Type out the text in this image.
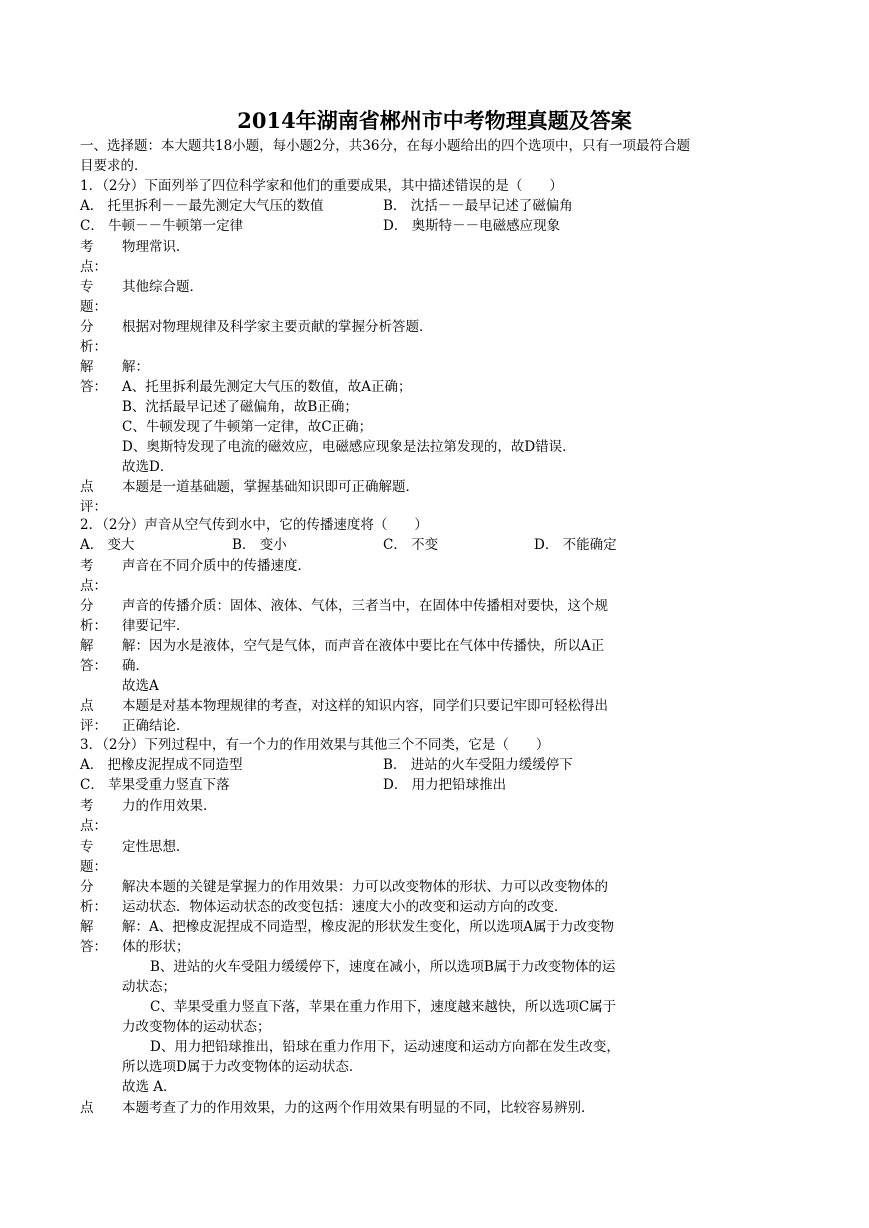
2014年湖南省郴州市中考物理真题及答案
一、选择题：本大题共18小题，每小题2分，共36分，在每小题给出的四个选项中，只有一项最符合题
目要求的．
1．（2分）下面列举了四位科学家和他们的重要成果，其中描述错误的是（　　）
A． 托里拆利－－最先测定大气压的数值	B． 沈括－－最早记述了磁偏角
C． 牛顿－－牛顿第一定律	D． 奥斯特－－电磁感应现象
考
点：
物理常识．
专
题：
其他综合题．
分
析：
根据对物理规律及科学家主要贡献的掌握分析答题．
解
答：
解：
A、托里拆利最先测定大气压的数值，故A正确；
B、沈括最早记述了磁偏角，故B正确；
C、牛顿发现了牛顿第一定律，故C正确；
D、奥斯特发现了电流的磁效应，电磁感应现象是法拉第发现的，故D错误．
故选D．
点
评：
本题是一道基础题，掌握基础知识即可正确解题．
2．（2分）声音从空气传到水中，它的传播速度将（　　）
A． 变大	B． 变小	C． 不变	D． 不能确定
考
点：
声音在不同介质中的传播速度．
分
析：
声音的传播介质：固体、液体、气体，三者当中，在固体中传播相对要快，这个规
律要记牢．
解
答：
解：因为水是液体，空气是气体，而声音在液体中要比在气体中传播快，所以A正
确．
故选A
点
评：
本题是对基本物理规律的考查，对这样的知识内容，同学们只要记牢即可轻松得出
正确结论．
3．（2分）下列过程中，有一个力的作用效果与其他三个不同类，它是（　　）
A． 把橡皮泥捏成不同造型	B． 进站的火车受阻力缓缓停下
C． 苹果受重力竖直下落	D． 用力把铅球推出
考
点：
力的作用效果．
专
题：
定性思想．
分
析：
解决本题的关键是掌握力的作用效果：力可以改变物体的形状、力可以改变物体的
运动状态．物体运动状态的改变包括：速度大小的改变和运动方向的改变．
解
答：
解：A、把橡皮泥捏成不同造型，橡皮泥的形状发生变化，所以选项A属于力改变物
体的形状；
B、进站的火车受阻力缓缓停下，速度在减小，所以选项B属于力改变物体的运
动状态；
C、苹果受重力竖直下落，苹果在重力作用下，速度越来越快，所以选项C属于
力改变物体的运动状态；
D、用力把铅球推出，铅球在重力作用下，运动速度和运动方向都在发生改变，
所以选项D属于力改变物体的运动状态．
故选 A．
点 本题考查了力的作用效果，力的这两个作用效果有明显的不同，比较容易辨别．
